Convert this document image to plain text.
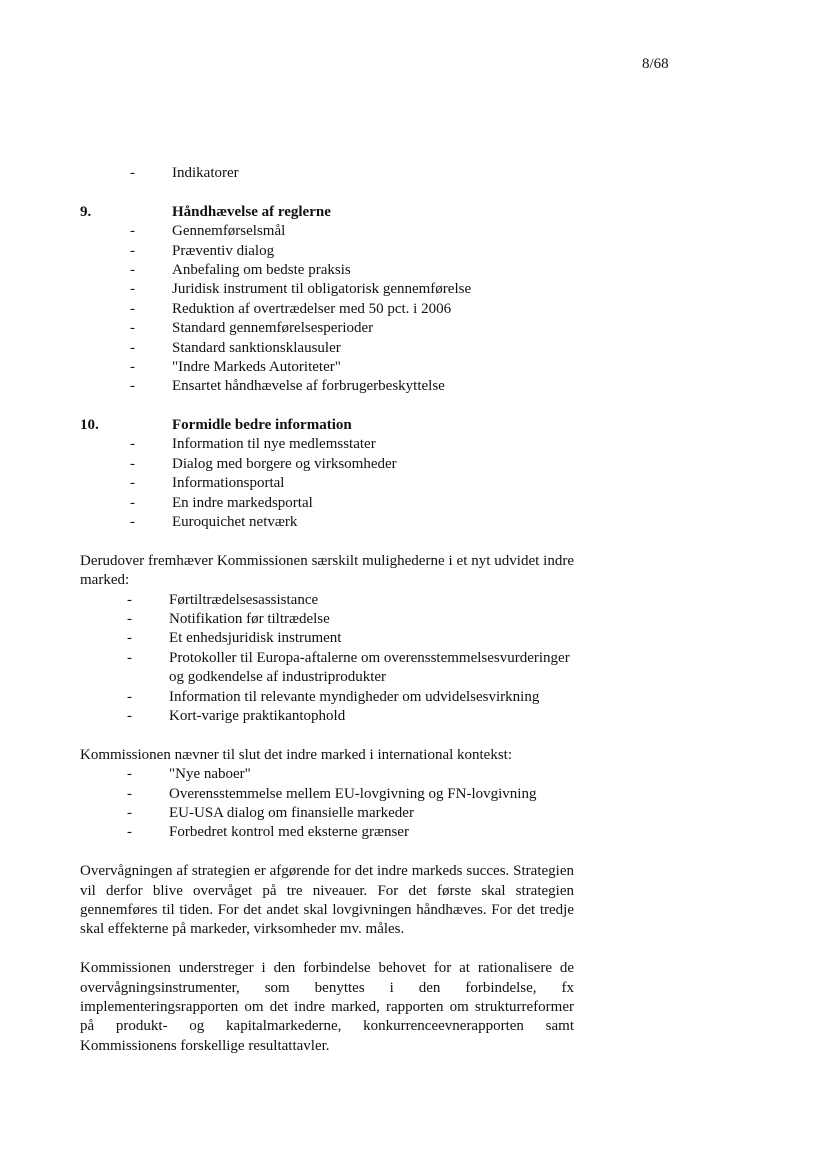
8/68
- Indikatorer
9.	Håndhævelse af reglerne
- Gennemførselsmål
- Præventiv dialog
- Anbefaling om bedste praksis
- Juridisk instrument til obligatorisk gennemførelse
- Reduktion af overtrædelser med 50 pct. i 2006
- Standard gennemførelsesperioder
- Standard sanktionsklausuler
- "Indre Markeds Autoriteter"
- Ensartet håndhævelse af forbrugerbeskyttelse
10.	Formidle bedre information
- Information til nye medlemsstater
- Dialog med borgere og virksomheder
- Informationsportal
- En indre markedsportal
- Euroquichet netværk

Derudover fremhæver Kommissionen særskilt mulighederne i et nyt udvidet indre marked:

- Førtiltrædelsesassistance
- Notifikation før tiltrædelse
- Et enhedsjuridisk instrument
- Protokoller til Europa-aftalerne om overensstemmelsesvurderinger og godkendelse af industriprodukter
- Information til relevante myndigheder om udvidelsesvirkning
- Kort-varige praktikantophold

Kommissionen nævner til slut det indre marked i international kontekst:

- "Nye naboer"
- Overensstemmelse mellem EU-lovgivning og FN-lovgivning
- EU-USA dialog om finansielle markeder
- Forbedret kontrol med eksterne grænser

Overvågningen af strategien er afgørende for det indre markeds succes. Strategien vil derfor blive overvåget på tre niveauer. For det første skal strategien gennemføres til tiden. For det andet skal lovgivningen håndhæves. For det tredje skal effekterne på markeder, virksomheder mv. måles.

Kommissionen understreger i den forbindelse behovet for at rationalisere de overvågningsinstrumenter, som benyttes i den forbindelse, fx implementeringsrapporten om det indre marked, rapporten om strukturreformer på produkt- og kapitalmarkederne, konkurrenceevnerapporten samt Kommissionens forskellige resultattavler.
